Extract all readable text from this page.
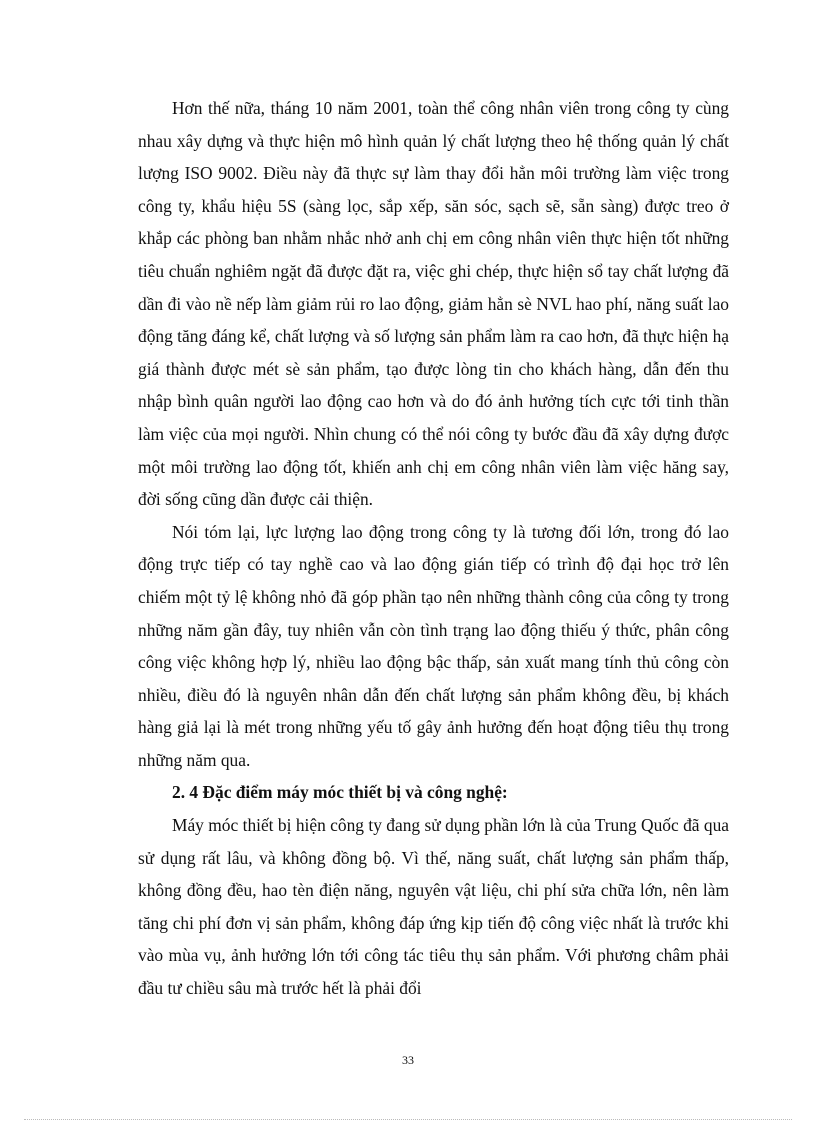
Hơn thế nữa, tháng 10 năm 2001, toàn thể công nhân viên trong công ty cùng nhau xây dựng và thực hiện mô hình quản lý chất lượng theo hệ thống quản lý chất lượng ISO 9002. Điều này đã thực sự làm thay đổi hẳn môi trường làm việc trong công ty, khẩu hiệu 5S (sàng lọc, sắp xếp, săn sóc, sạch sẽ, sẵn sàng) được treo ở khắp các phòng ban nhằm nhắc nhở anh chị em công nhân viên thực hiện tốt những tiêu chuẩn nghiêm ngặt đã được đặt ra, việc ghi chép, thực hiện sổ tay chất lượng đã dần đi vào nề nếp làm giảm rủi ro lao động, giảm hẳn sè NVL hao phí, năng suất lao động tăng đáng kể, chất lượng và số lượng sản phẩm làm ra cao hơn, đã thực hiện hạ giá thành được mét sè sản phẩm, tạo được lòng tin cho khách hàng, dẫn đến thu nhập bình quân người lao động cao hơn và do đó ảnh hưởng tích cực tới tinh thần làm việc của mọi người. Nhìn chung có thể nói công ty bước đầu đã xây dựng được một môi trường lao động tốt, khiến anh chị em công nhân viên làm việc hăng say, đời sống cũng dần được cải thiện.

Nói tóm lại, lực lượng lao động trong công ty là tương đối lớn, trong đó lao động trực tiếp có tay nghề cao và lao động gián tiếp có trình độ đại học trở lên chiếm một tỷ lệ không nhỏ đã góp phần tạo nên những thành công của công ty trong những năm gần đây, tuy nhiên vẫn còn tình trạng lao động thiếu ý thức, phân công công việc không hợp lý, nhiều lao động bậc thấp, sản xuất mang tính thủ công còn nhiều, điều đó là nguyên nhân dẫn đến chất lượng sản phẩm không đều, bị khách hàng giả lại là mét trong những yếu tố gây ảnh hưởng đến hoạt động tiêu thụ trong những năm qua.

2. 4 Đặc điểm máy móc thiết bị và công nghệ:

Máy móc thiết bị hiện công ty đang sử dụng phần lớn là của Trung Quốc đã qua sử dụng rất lâu, và không đồng bộ. Vì thế, năng suất, chất lượng sản phẩm thấp, không đồng đều, hao tèn điện năng, nguyên vật liệu, chi phí sửa chữa lớn, nên làm tăng chi phí đơn vị sản phẩm, không đáp ứng kịp tiến độ công việc nhất là trước khi vào mùa vụ, ảnh hưởng lớn tới công tác tiêu thụ sản phẩm. Với phương châm phải đầu tư chiều sâu mà trước hết là phải đổi

33
